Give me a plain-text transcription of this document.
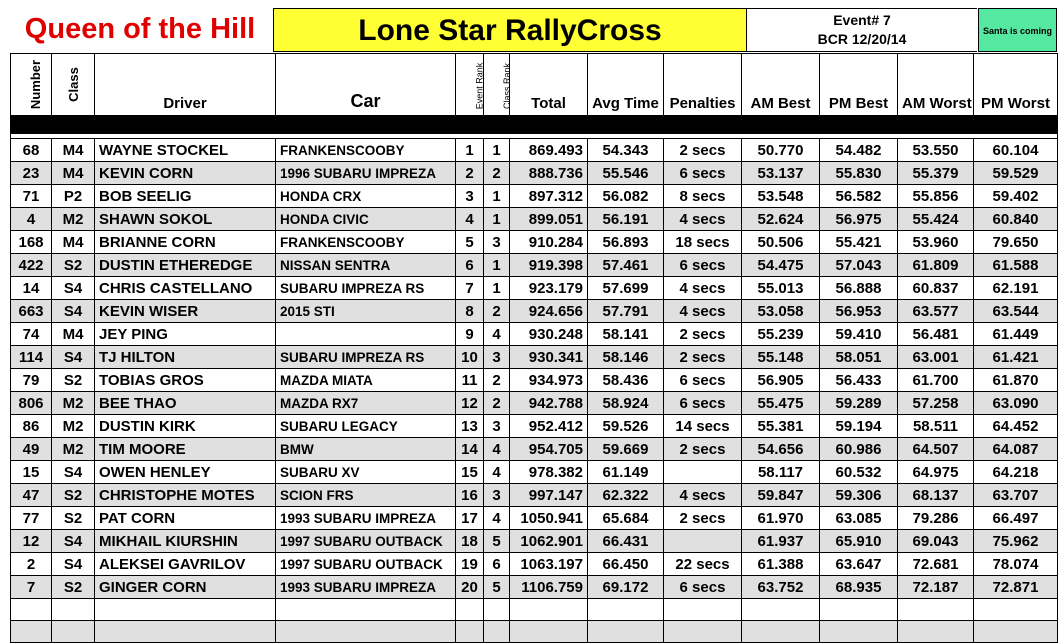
Queen of the Hill	Lone Star RallyCross	Event# 7
BCR 12/20/14	Santa is coming
Number	Class	Driver	Car	Event Rank	Class Rank	Total	Avg Time	Penalties	AM Best	PM Best	AM Worst	PM Worst

68	M4	WAYNE STOCKEL	FRANKENSCOOBY	1	1	869.493	54.343	2 secs	50.770	54.482	53.550	60.104
23	M4	KEVIN CORN	1996 SUBARU IMPREZA	2	2	888.736	55.546	6 secs	53.137	55.830	55.379	59.529
71	P2	BOB SEELIG	HONDA CRX	3	1	897.312	56.082	8 secs	53.548	56.582	55.856	59.402
4	M2	SHAWN SOKOL	HONDA CIVIC	4	1	899.051	56.191	4 secs	52.624	56.975	55.424	60.840
168	M4	BRIANNE CORN	FRANKENSCOOBY	5	3	910.284	56.893	18 secs	50.506	55.421	53.960	79.650
422	S2	DUSTIN ETHEREDGE	NISSAN SENTRA	6	1	919.398	57.461	6 secs	54.475	57.043	61.809	61.588
14	S4	CHRIS CASTELLANO	SUBARU IMPREZA RS	7	1	923.179	57.699	4 secs	55.013	56.888	60.837	62.191
663	S4	KEVIN WISER	2015 STI	8	2	924.656	57.791	4 secs	53.058	56.953	63.577	63.544
74	M4	JEY PING		9	4	930.248	58.141	2 secs	55.239	59.410	56.481	61.449
114	S4	TJ HILTON	SUBARU IMPREZA RS	10	3	930.341	58.146	2 secs	55.148	58.051	63.001	61.421
79	S2	TOBIAS GROS	MAZDA MIATA	11	2	934.973	58.436	6 secs	56.905	56.433	61.700	61.870
806	M2	BEE THAO	MAZDA RX7	12	2	942.788	58.924	6 secs	55.475	59.289	57.258	63.090
86	M2	DUSTIN KIRK	SUBARU LEGACY	13	3	952.412	59.526	14 secs	55.381	59.194	58.511	64.452
49	M2	TIM MOORE	BMW	14	4	954.705	59.669	2 secs	54.656	60.986	64.507	64.087
15	S4	OWEN HENLEY	SUBARU XV	15	4	978.382	61.149		58.117	60.532	64.975	64.218
47	S2	CHRISTOPHE MOTES	SCION FRS	16	3	997.147	62.322	4 secs	59.847	59.306	68.137	63.707
77	S2	PAT CORN	1993 SUBARU IMPREZA	17	4	1050.941	65.684	2 secs	61.970	63.085	79.286	66.497
12	S4	MIKHAIL KIURSHIN	1997 SUBARU OUTBACK	18	5	1062.901	66.431		61.937	65.910	69.043	75.962
2	S4	ALEKSEI GAVRILOV	1997 SUBARU OUTBACK	19	6	1063.197	66.450	22 secs	61.388	63.647	72.681	78.074
7	S2	GINGER CORN	1993 SUBARU IMPREZA	20	5	1106.759	69.172	6 secs	63.752	68.935	72.187	72.871
